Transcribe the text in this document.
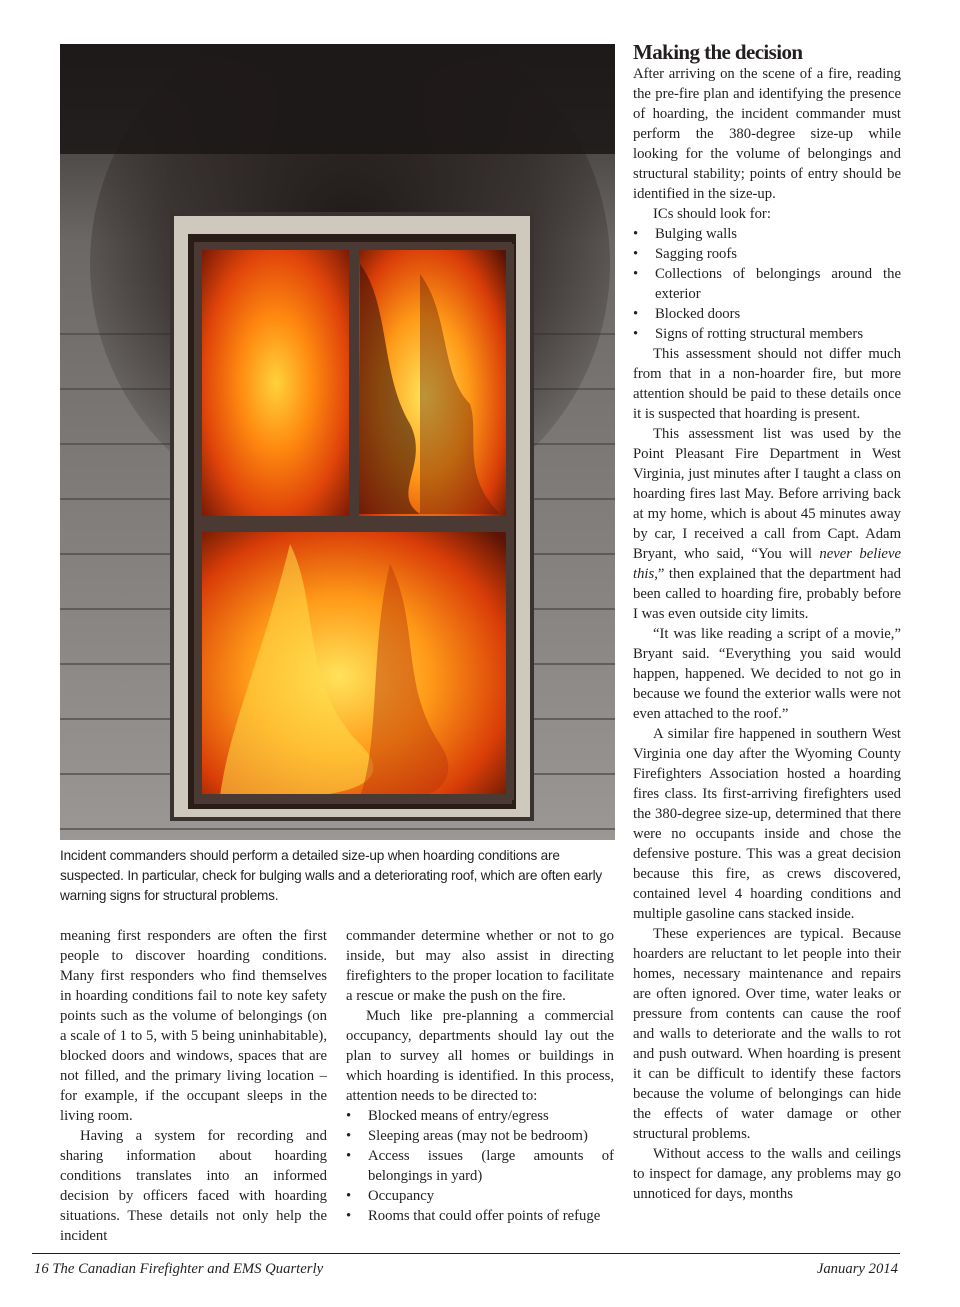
Incident commanders should perform a detailed size-up when hoarding conditions are suspected. In particular, check for bulging walls and a deteriorating roof, which are often early warning signs for structural problems.

meaning first responders are often the first people to discover hoarding conditions. Many first responders who find themselves in hoarding conditions fail to note key safety points such as the volume of belongings (on a scale of 1 to 5, with 5 being uninhabitable), blocked doors and windows, spaces that are not filled, and the primary living location – for example, if the occupant sleeps in the living room.

Having a system for recording and sharing information about hoarding conditions translates into an informed decision by officers faced with hoarding situations. These details not only help the incident

commander determine whether or not to go inside, but may also assist in directing firefighters to the proper location to facilitate a rescue or make the push on the fire.

Much like pre-planning a commercial occupancy, departments should lay out the plan to survey all homes or buildings in which hoarding is identified. In this process, attention needs to be directed to:

• Blocked means of entry/egress
• Sleeping areas (may not be bedroom)
• Access issues (large amounts of belongings in yard)
• Occupancy
• Rooms that could offer points of refuge
Making the decision

After arriving on the scene of a fire, reading the pre-fire plan and identifying the presence of hoarding, the incident commander must perform the 380-degree size-up while looking for the volume of belongings and structural stability; points of entry should be identified in the size-up.

ICs should look for:

• Bulging walls
• Sagging roofs
• Collections of belongings around the exterior
• Blocked doors
• Signs of rotting structural members

This assessment should not differ much from that in a non-hoarder fire, but more attention should be paid to these details once it is suspected that hoarding is present.

This assessment list was used by the Point Pleasant Fire Department in West Virginia, just minutes after I taught a class on hoarding fires last May. Before arriving back at my home, which is about 45 minutes away by car, I received a call from Capt. Adam Bryant, who said, “You will never believe this,” then explained that the department had been called to hoarding fire, probably before I was even outside city limits.

“It was like reading a script of a movie,” Bryant said. “Everything you said would happen, happened. We decided to not go in because we found the exterior walls were not even attached to the roof.”

A similar fire happened in southern West Virginia one day after the Wyoming County Firefighters Association hosted a hoarding fires class. Its first-arriving firefighters used the 380-degree size-up, determined that there were no occupants inside and chose the defensive posture. This was a great decision because this fire, as crews discovered, contained level 4 hoarding conditions and multiple gasoline cans stacked inside.

These experiences are typical. Because hoarders are reluctant to let people into their homes, necessary maintenance and repairs are often ignored. Over time, water leaks or pressure from contents can cause the roof and walls to deteriorate and the walls to rot and push outward. When hoarding is present it can be difficult to identify these factors because the volume of belongings can hide the effects of water damage or other structural problems.

Without access to the walls and ceilings to inspect for damage, any problems may go unnoticed for days, months

16 The Canadian Firefighter and EMS Quarterly	January 2014
